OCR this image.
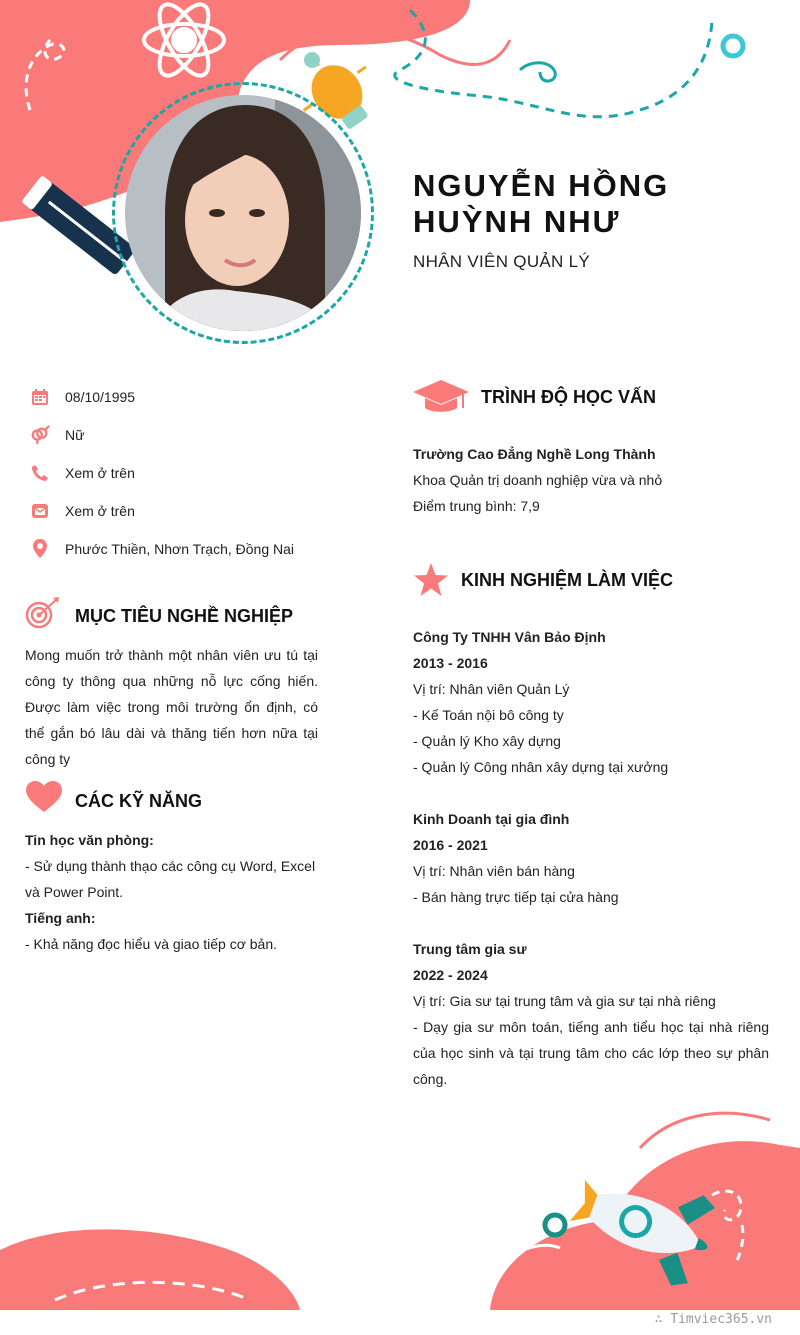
NGUYỄN HỒNG HUỲNH NHƯ
NHÂN VIÊN QUẢN LÝ
08/10/1995
Nữ
Xem ở trên
Xem ở trên
Phước Thiền, Nhơn Trạch, Đồng Nai
MỤC TIÊU NGHỀ NGHIỆP
Mong muốn trở thành một nhân viên ưu tú tại công ty thông qua những nỗ lực cống hiến. Được làm việc trong môi trường ổn định, có thể gắn bó lâu dài và thăng tiến hơn nữa tại công ty
CÁC KỸ NĂNG
Tin học văn phòng:
- Sử dụng thành thạo các công cụ Word, Excel và Power Point.
Tiếng anh:
- Khả năng đọc hiểu và giao tiếp cơ bản.
TRÌNH ĐỘ HỌC VẤN
Trường Cao Đẳng Nghề Long Thành
Khoa Quản trị doanh nghiệp vừa và nhỏ
Điểm trung bình: 7,9
KINH NGHIỆM LÀM VIỆC
Công Ty TNHH Vân Bảo Định
2013 - 2016
Vị trí: Nhân viên Quản Lý
- Kế Toán nội bô công ty
- Quản lý Kho xây dựng
- Quản lý Công nhân xây dựng tại xưởng
Kinh Doanh tại gia đình
2016 - 2021
Vị trí: Nhân viên bán hàng
- Bán hàng trực tiếp tại cửa hàng
Trung tâm gia sư
2022 - 2024
Vị trí: Gia sư tại trung tâm và gia sư tại nhà riêng
- Dạy gia sư môn toán, tiếng anh tiểu học tại nhà riêng của học sinh và tại trung tâm cho các lớp theo sự phân công.
∴ Timviec365.vn
